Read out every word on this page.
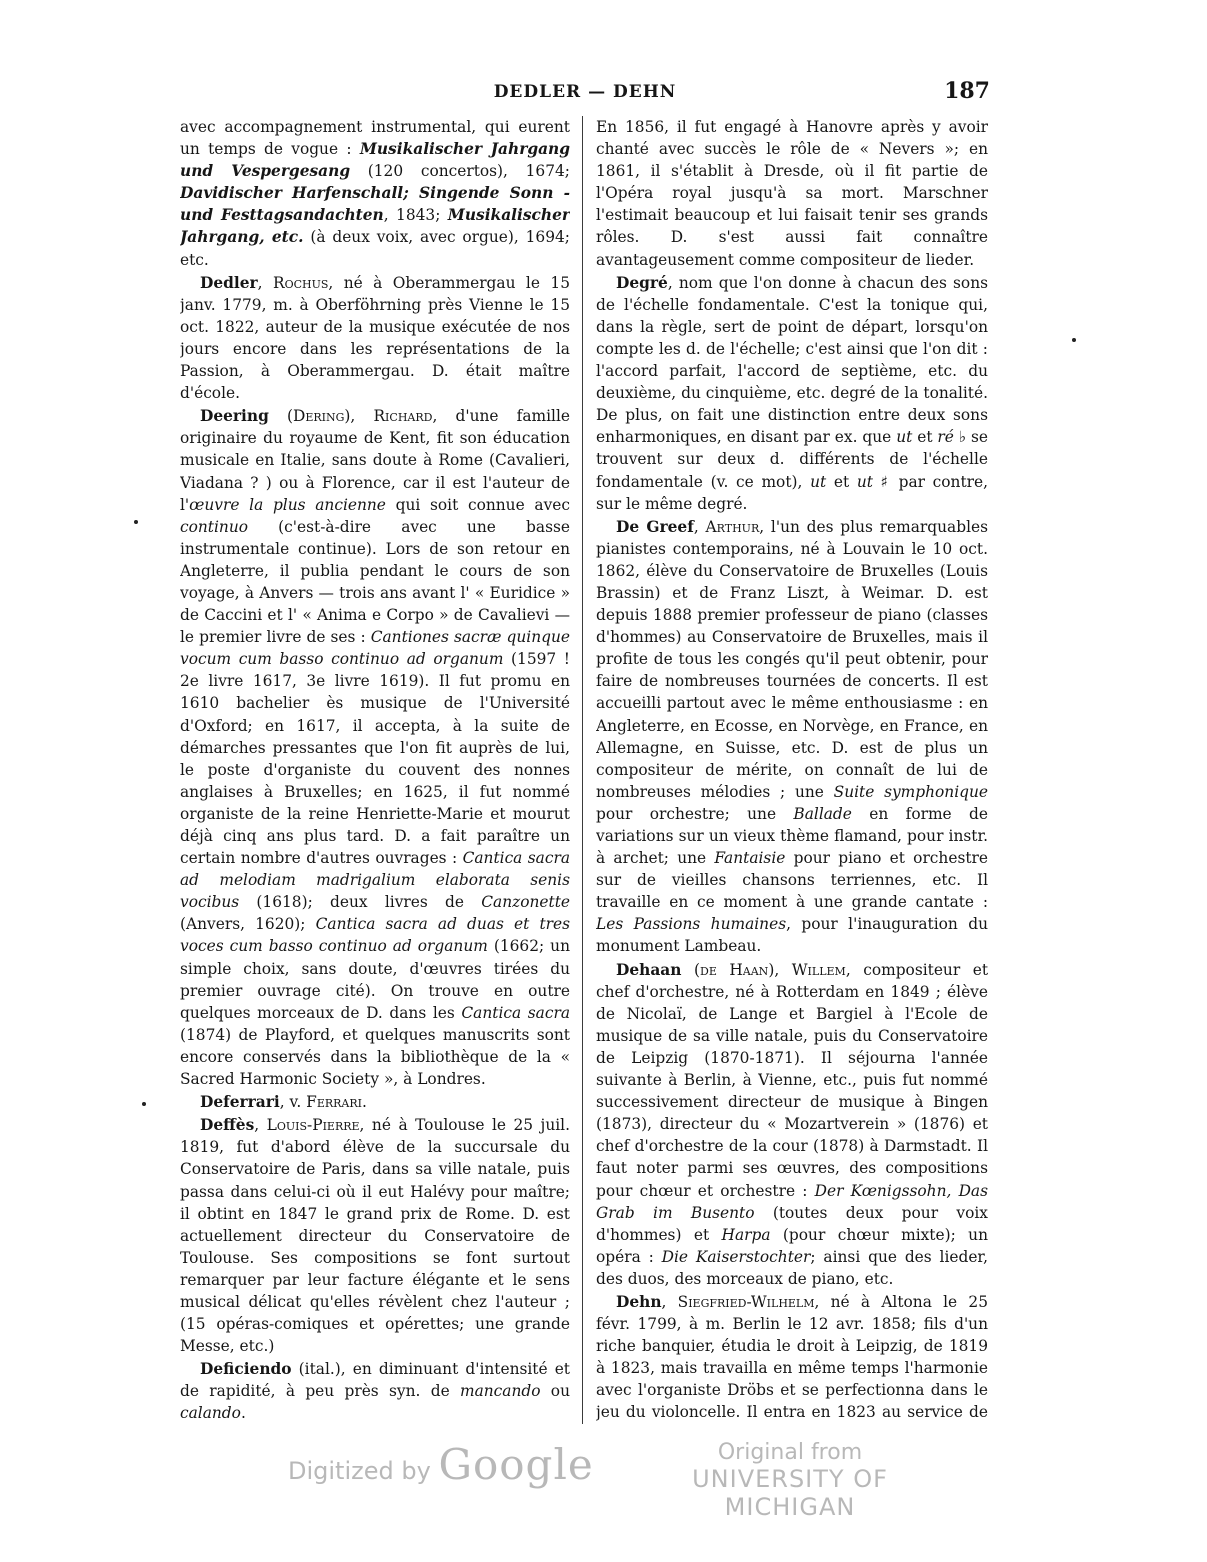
DEDLER — DEHN	187

avec accompagnement instrumental, qui eurent un temps de vogue : Musikalischer Jahrgang und Vespergesang (120 concertos), 1674; Davidischer Harfenschall; Singende Sonn - und Festtagsandachten, 1843; Musikalischer Jahrgang, etc. (à deux voix, avec orgue), 1694; etc.

Dedler, Rochus, né à Oberammergau le 15 janv. 1779, m. à Oberföhrning près Vienne le 15 oct. 1822, auteur de la musique exécutée de nos jours encore dans les représentations de la Passion, à Oberammergau. D. était maître d'école.

Deering (Dering), Richard, d'une famille originaire du royaume de Kent, fit son éducation musicale en Italie, sans doute à Rome (Cavalieri, Viadana ? ) ou à Florence, car il est l'auteur de l'œuvre la plus ancienne qui soit connue avec continuo (c'est-à-dire avec une basse instrumentale continue). Lors de son retour en Angleterre, il publia pendant le cours de son voyage, à Anvers — trois ans avant l' « Euridice » de Caccini et l' « Anima e Corpo » de Cavalievi — le premier livre de ses : Cantiones sacræ quinque vocum cum basso continuo ad organum (1597 ! 2e livre 1617, 3e livre 1619). Il fut promu en 1610 bachelier ès musique de l'Université d'Oxford; en 1617, il accepta, à la suite de démarches pressantes que l'on fit auprès de lui, le poste d'organiste du couvent des nonnes anglaises à Bruxelles; en 1625, il fut nommé organiste de la reine Henriette-Marie et mourut déjà cinq ans plus tard. D. a fait paraître un certain nombre d'autres ouvrages : Cantica sacra ad melodiam madrigalium elaborata senis vocibus (1618); deux livres de Canzonette (Anvers, 1620); Cantica sacra ad duas et tres voces cum basso continuo ad organum (1662; un simple choix, sans doute, d'œuvres tirées du premier ouvrage cité). On trouve en outre quelques morceaux de D. dans les Cantica sacra (1874) de Playford, et quelques manuscrits sont encore conservés dans la bibliothèque de la « Sacred Harmonic Society », à Londres.

Deferrari, v. Ferrari.

Deffès, Louis-Pierre, né à Toulouse le 25 juil. 1819, fut d'abord élève de la succursale du Conservatoire de Paris, dans sa ville natale, puis passa dans celui-ci où il eut Halévy pour maître; il obtint en 1847 le grand prix de Rome. D. est actuellement directeur du Conservatoire de Toulouse. Ses compositions se font surtout remarquer par leur facture élégante et le sens musical délicat qu'elles révèlent chez l'auteur ; (15 opéras-comiques et opérettes; une grande Messe, etc.)

Deficiendo (ital.), en diminuant d'intensité et de rapidité, à peu près syn. de mancando ou calando.

En 1856, il fut engagé à Hanovre après y avoir chanté avec succès le rôle de « Nevers »; en 1861, il s'établit à Dresde, où il fit partie de l'Opéra royal jusqu'à sa mort. Marschner l'estimait beaucoup et lui faisait tenir ses grands rôles. D. s'est aussi fait connaître avantageusement comme compositeur de lieder.

Degré, nom que l'on donne à chacun des sons de l'échelle fondamentale. C'est la tonique qui, dans la règle, sert de point de départ, lorsqu'on compte les d. de l'échelle; c'est ainsi que l'on dit : l'accord parfait, l'accord de septième, etc. du deuxième, du cinquième, etc. degré de la tonalité. De plus, on fait une distinction entre deux sons enharmoniques, en disant par ex. que ut et ré ♭ se trouvent sur deux d. différents de l'échelle fondamentale (v. ce mot), ut et ut ♯ par contre, sur le même degré.

De Greef, Arthur, l'un des plus remarquables pianistes contemporains, né à Louvain le 10 oct. 1862, élève du Conservatoire de Bruxelles (Louis Brassin) et de Franz Liszt, à Weimar. D. est depuis 1888 premier professeur de piano (classes d'hommes) au Conservatoire de Bruxelles, mais il profite de tous les congés qu'il peut obtenir, pour faire de nombreuses tournées de concerts. Il est accueilli partout avec le même enthousiasme : en Angleterre, en Ecosse, en Norvège, en France, en Allemagne, en Suisse, etc. D. est de plus un compositeur de mérite, on connaît de lui de nombreuses mélodies ; une Suite symphonique pour orchestre; une Ballade en forme de variations sur un vieux thème flamand, pour instr. à archet; une Fantaisie pour piano et orchestre sur de vieilles chansons terriennes, etc. Il travaille en ce moment à une grande cantate : Les Passions humaines, pour l'inauguration du monument Lambeau.

Dehaan (de Haan), Willem, compositeur et chef d'orchestre, né à Rotterdam en 1849 ; élève de Nicolaï, de Lange et Bargiel à l'Ecole de musique de sa ville natale, puis du Conservatoire de Leipzig (1870-1871). Il séjourna l'année suivante à Berlin, à Vienne, etc., puis fut nommé successivement directeur de musique à Bingen (1873), directeur du « Mozartverein » (1876) et chef d'orchestre de la cour (1878) à Darmstadt. Il faut noter parmi ses œuvres, des compositions pour chœur et orchestre : Der Kœnigssohn, Das Grab im Busento (toutes deux pour voix d'hommes) et Harpa (pour chœur mixte); un opéra : Die Kaiserstochter; ainsi que des lieder, des duos, des morceaux de piano, etc.

Dehn, Siegfried-Wilhelm, né à Altona le 25 févr. 1799, à m. Berlin le 12 avr. 1858; fils d'un riche banquier, étudia le droit à Leipzig, de 1819 à 1823, mais travailla en même temps l'harmonie avec l'organiste Dröbs et se perfectionna dans le jeu du violoncelle. Il entra en 1823 au service de

Digitized by Google	Original from
UNIVERSITY OF MICHIGAN
